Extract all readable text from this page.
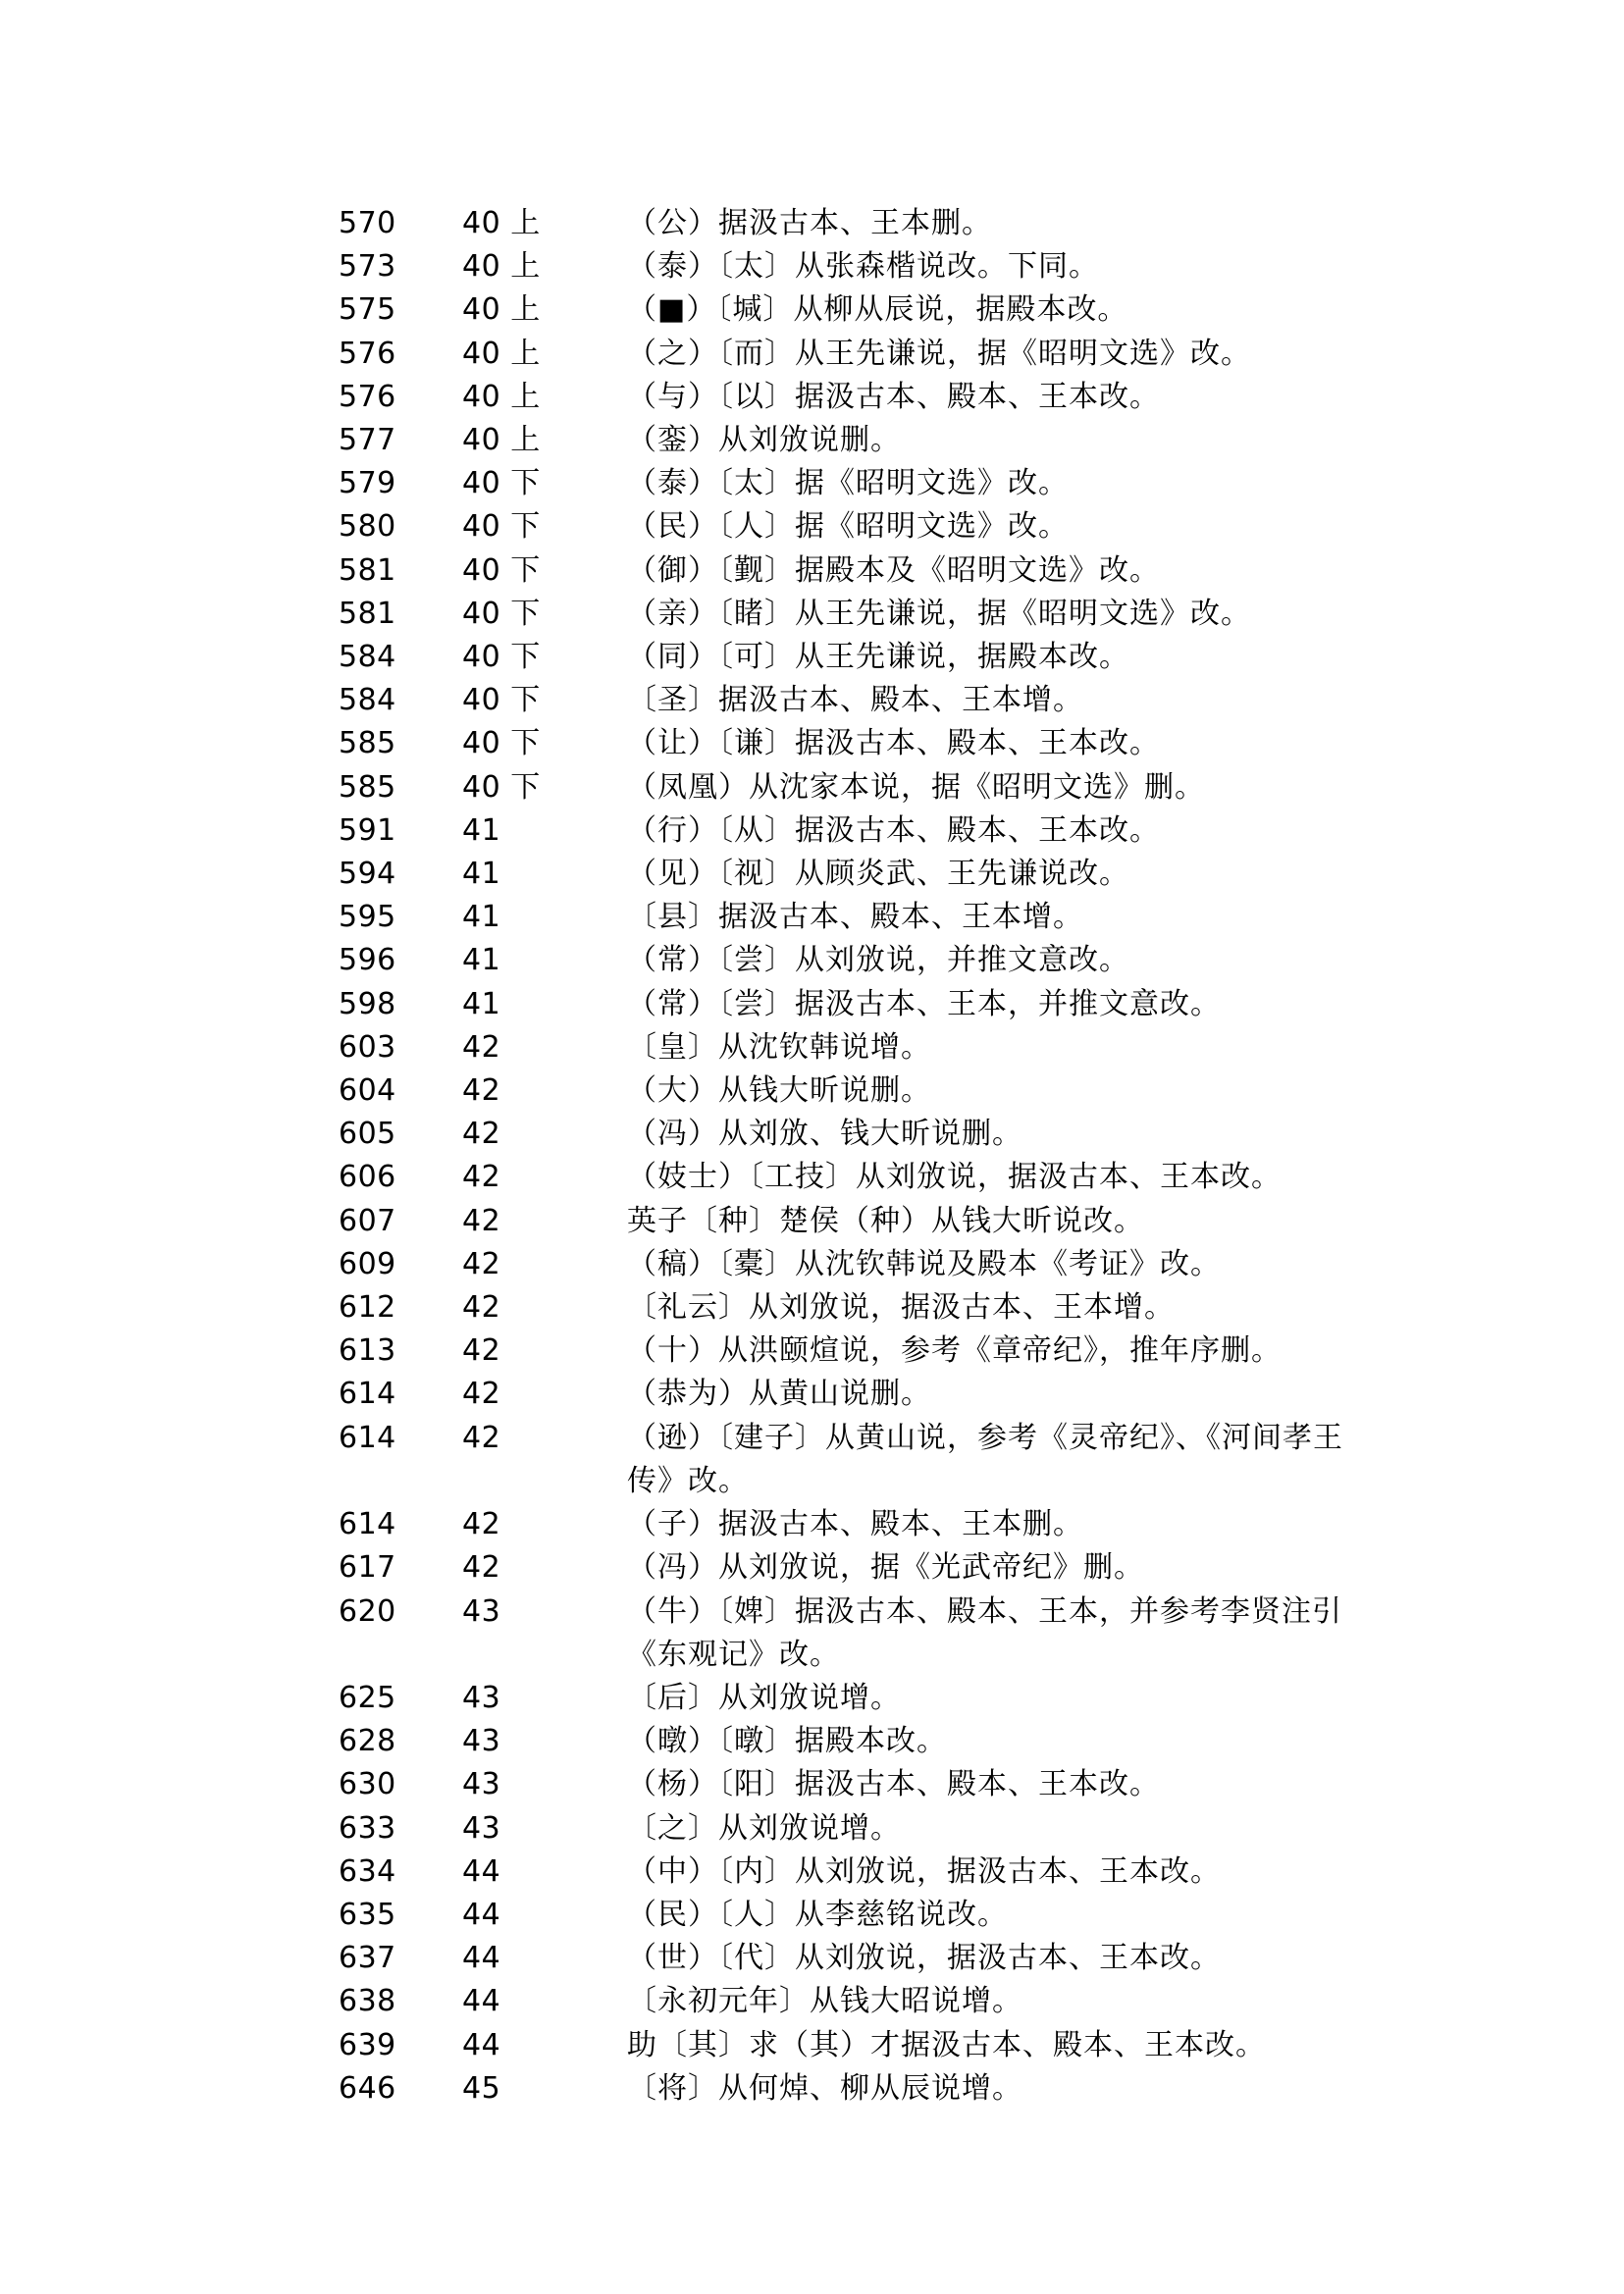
570	40 上	（公）据汲古本、王本删。
573	40 上	（泰）〔太〕从张森楷说改。下同。
575	40 上	（■）〔堿〕从柳从辰说，据殿本改。
576	40 上	（之）〔而〕从王先谦说，据《昭明文选》改。
576	40 上	（与）〔以〕据汲古本、殿本、王本改。
577	40 上	（銮）从刘攽说删。
579	40 下	（泰）〔太〕据《昭明文选》改。
580	40 下	（民）〔人〕据《昭明文选》改。
581	40 下	（御）〔觐〕据殿本及《昭明文选》改。
581	40 下	（亲）〔睹〕从王先谦说，据《昭明文选》改。
584	40 下	（同）〔可〕从王先谦说，据殿本改。
584	40 下	〔圣〕据汲古本、殿本、王本增。
585	40 下	（让）〔谦〕据汲古本、殿本、王本改。
585	40 下	（凤凰）从沈家本说，据《昭明文选》删。
591	41	（行）〔从〕据汲古本、殿本、王本改。
594	41	（见）〔视〕从顾炎武、王先谦说改。
595	41	〔县〕据汲古本、殿本、王本增。
596	41	（常）〔尝〕从刘攽说，并推文意改。
598	41	（常）〔尝〕据汲古本、王本，并推文意改。
603	42	〔皇〕从沈钦韩说增。
604	42	（大）从钱大昕说删。
605	42	（冯）从刘攽、钱大昕说删。
606	42	（妓士）〔工技〕从刘攽说，据汲古本、王本改。
607	42	英子〔种〕楚侯（种）从钱大昕说改。
609	42	（稿）〔橐〕从沈钦韩说及殿本《考证》改。
612	42	〔礼云〕从刘攽说，据汲古本、王本增。
613	42	（十）从洪颐煊说，参考《章帝纪》，推年序删。
614	42	（恭为）从黄山说删。
614	42	（逊）〔建子〕从黄山说，参考《灵帝纪》、《河间孝王传》改。
614	42	（子）据汲古本、殿本、王本删。
617	42	（冯）从刘攽说，据《光武帝纪》删。
620	43	（牛）〔婢〕据汲古本、殿本、王本，并参考李贤注引《东观记》改。
625	43	〔后〕从刘攽说增。
628	43	（暾）〔暾〕据殿本改。
630	43	（杨）〔阳〕据汲古本、殿本、王本改。
633	43	〔之〕从刘攽说增。
634	44	（中）〔内〕从刘攽说，据汲古本、王本改。
635	44	（民）〔人〕从李慈铭说改。
637	44	（世）〔代〕从刘攽说，据汲古本、王本改。
638	44	〔永初元年〕从钱大昭说增。
639	44	助〔其〕求（其）才据汲古本、殿本、王本改。
646	45	〔将〕从何焯、柳从辰说增。
